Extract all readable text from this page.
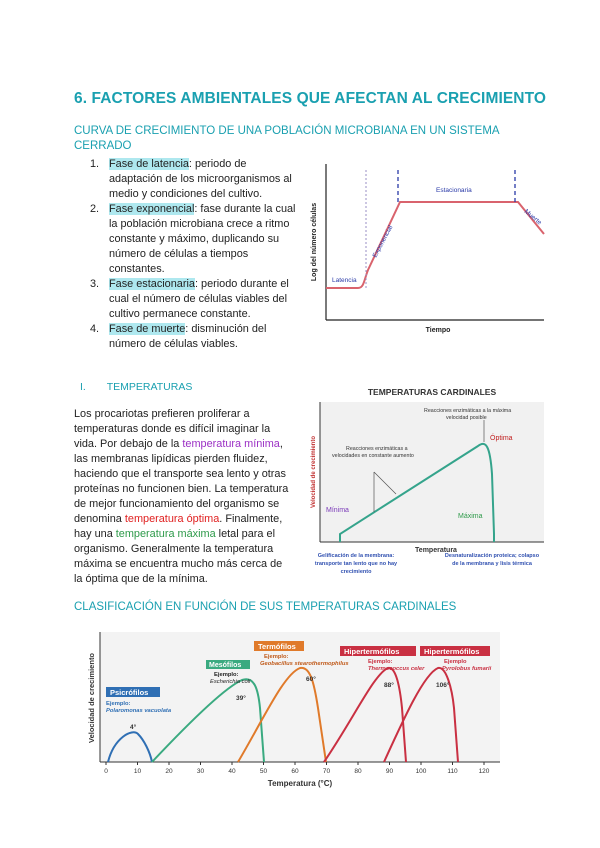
6. FACTORES AMBIENTALES QUE AFECTAN AL CRECIMIENTO
CURVA DE CRECIMIENTO DE UNA POBLACIÓN MICROBIANA EN UN SISTEMA CERRADO
1. Fase de latencia: periodo de
adaptación de los microorganismos al
medio y condiciones del cultivo.
2. Fase exponencial: fase durante la cual
la población microbiana crece a ritmo
constante y máximo, duplicando su
número de células a tiempos
constantes.
3. Fase estacionaria: periodo durante el
cual el número de células viables del
cultivo permanece constante.
4. Fase de muerte: disminución del
número de células viables.
Log del número células
Tiempo
Latencia
Exponencial
Estacionaria
Muerte
I. TEMPERATURAS
Los procariotas prefieren proliferar a
temperaturas donde es difícil imaginar la
vida. Por debajo de la temperatura mínima,
las membranas lipídicas pierden fluidez,
haciendo que el transporte sea lento y otras
proteínas no funcionen bien. La temperatura
de mejor funcionamiento del organismo se
denomina temperatura óptima. Finalmente,
hay una temperatura máxima letal para el
organismo. Generalmente la temperatura
máxima se encuentra mucho más cerca de
la óptima que de la mínima.
TEMPERATURAS CARDINALES
Velocidad de crecimiento
Temperatura
Óptima
Mínima
Máxima
Reacciones enzimáticas a la máxima
velocidad posible
Reacciones enzimáticas a
velocidades en constante aumento
Gelificación de la membrana:
transporte tan lento que no hay
crecimiento
Desnaturalización proteica; colapso
de la membrana y lisis térmica
CLASIFICACIÓN EN FUNCIÓN DE SUS TEMPERATURAS CARDINALES
0	10	20	30	40	50	60	70	80	90	100	110	120
Velocidad de crecimiento
Temperatura (°C)
Psicrófilos
Ejemplo:
Polaromonas vacuolata
4°
Mesófilos
Ejemplo:
Escherichia coli
39°
Termófilos
Ejemplo:
Geobacillus stearothermophilus
60°
Hipertermófilos
Ejemplo:
Thermococcus celer
88°
Hipertermófilos
Ejemplo
Pyrolobus fumarii
106°
